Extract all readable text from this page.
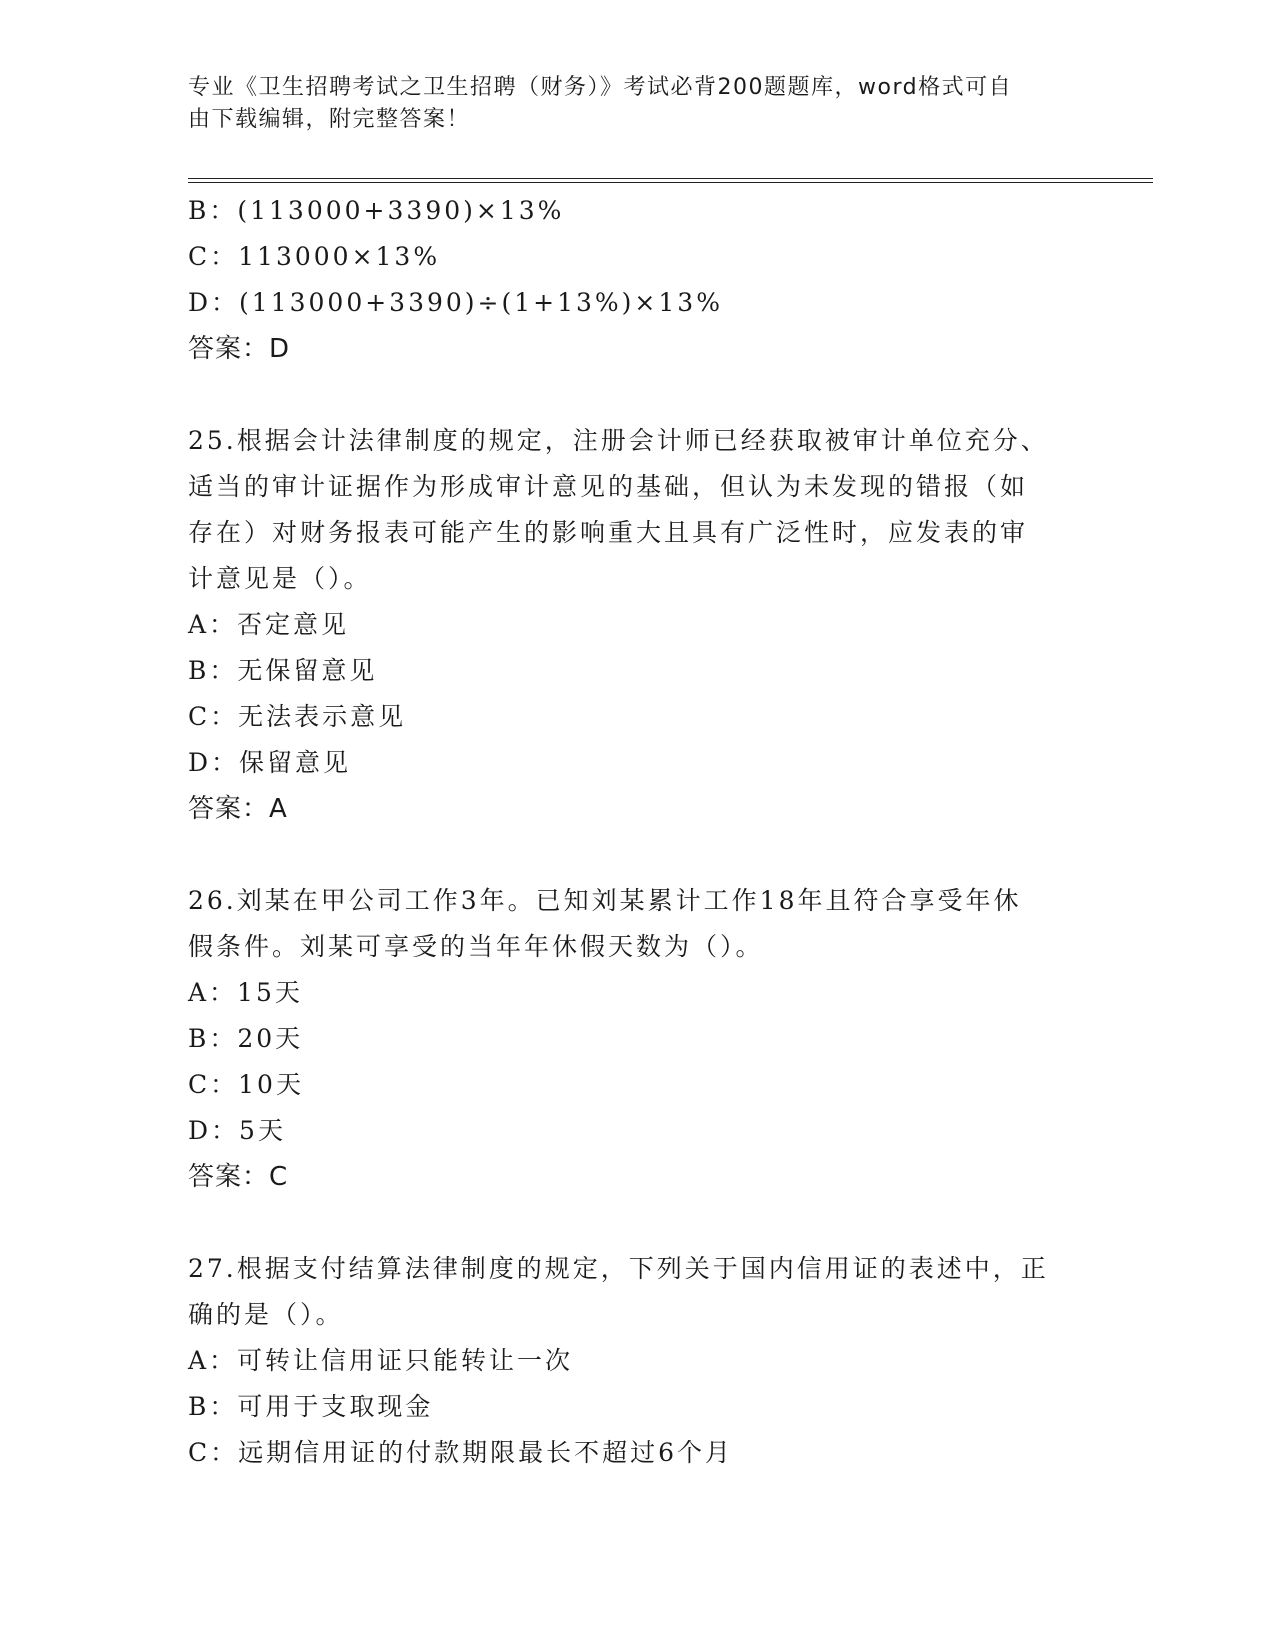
专业《卫生招聘考试之卫生招聘（财务）》考试必背200题题库，word格式可自
由下载编辑，附完整答案！
B：(113000+3390)×13%
C：113000×13%
D：(113000+3390)÷(1+13%)×13%
答案：D
25.根据会计法律制度的规定，注册会计师已经获取被审计单位充分、
适当的审计证据作为形成审计意见的基础，但认为未发现的错报（如
存在）对财务报表可能产生的影响重大且具有广泛性时，应发表的审
计意见是（）。
A：否定意见
B：无保留意见
C：无法表示意见
D：保留意见
答案：A
26.刘某在甲公司工作3年。已知刘某累计工作18年且符合享受年休
假条件。刘某可享受的当年年休假天数为（）。
A：15天
B：20天
C：10天
D：5天
答案：C
27.根据支付结算法律制度的规定，下列关于国内信用证的表述中，正
确的是（）。
A：可转让信用证只能转让一次
B：可用于支取现金
C：远期信用证的付款期限最长不超过6个月
